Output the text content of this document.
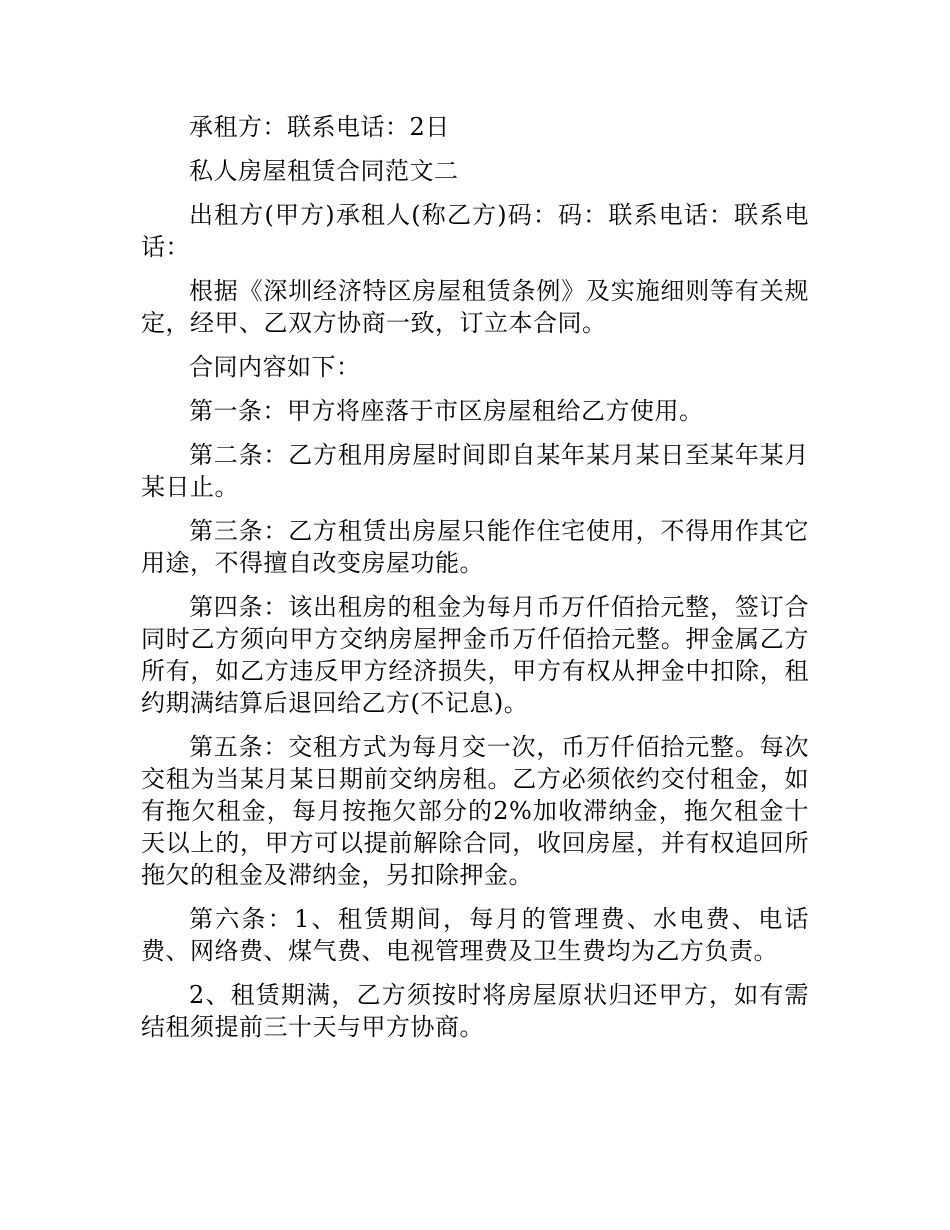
承租方：联系电话：2日

私人房屋租赁合同范文二

出租方(甲方)承租人(称乙方)码：码：联系电话：联系电话：

根据《深圳经济特区房屋租赁条例》及实施细则等有关规定，经甲、乙双方协商一致，订立本合同。

合同内容如下：

第一条：甲方将座落于市区房屋租给乙方使用。

第二条：乙方租用房屋时间即自某年某月某日至某年某月某日止。

第三条：乙方租赁出房屋只能作住宅使用，不得用作其它用途，不得擅自改变房屋功能。

第四条：该出租房的租金为每月币万仟佰拾元整，签订合同时乙方须向甲方交纳房屋押金币万仟佰拾元整。押金属乙方所有，如乙方违反甲方经济损失，甲方有权从押金中扣除，租约期满结算后退回给乙方(不记息)。

第五条：交租方式为每月交一次，币万仟佰拾元整。每次交租为当某月某日期前交纳房租。乙方必须依约交付租金，如有拖欠租金，每月按拖欠部分的2%加收滞纳金，拖欠租金十天以上的，甲方可以提前解除合同，收回房屋，并有权追回所拖欠的租金及滞纳金，另扣除押金。

第六条：1、租赁期间，每月的管理费、水电费、电话费、网络费、煤气费、电视管理费及卫生费均为乙方负责。

2、租赁期满，乙方须按时将房屋原状归还甲方，如有需结租须提前三十天与甲方协商。
